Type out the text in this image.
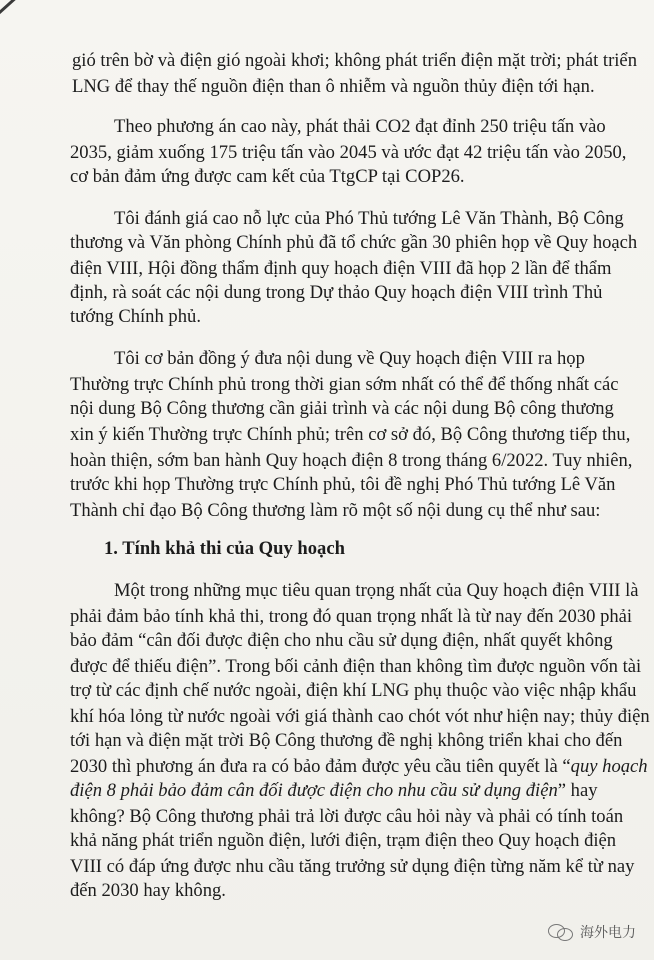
gió trên bờ và điện gió ngoài khơi; không phát triển điện mặt trời; phát triển
LNG để thay thế nguồn điện than ô nhiễm và nguồn thủy điện tới hạn.
Theo phương án cao này, phát thải CO2 đạt đỉnh 250 triệu tấn vào
2035, giảm xuống 175 triệu tấn vào 2045 và ước đạt 42 triệu tấn vào 2050,
cơ bản đảm ứng được cam kết của TtgCP tại COP26.
Tôi đánh giá cao nỗ lực của Phó Thủ tướng Lê Văn Thành, Bộ Công
thương và Văn phòng Chính phủ đã tổ chức gần 30 phiên họp về Quy hoạch
điện VIII, Hội đồng thẩm định quy hoạch điện VIII đã họp 2 lần để thẩm
định, rà soát các nội dung trong Dự thảo Quy hoạch điện VIII trình Thủ
tướng Chính phủ.
Tôi cơ bản đồng ý đưa nội dung về Quy hoạch điện VIII ra họp
Thường trực Chính phủ trong thời gian sớm nhất có thể để thống nhất các
nội dung Bộ Công thương cần giải trình và các nội dung Bộ công thương
xin ý kiến Thường trực Chính phủ; trên cơ sở đó, Bộ Công thương tiếp thu,
hoàn thiện, sớm ban hành Quy hoạch điện 8 trong tháng 6/2022. Tuy nhiên,
trước khi họp Thường trực Chính phủ, tôi đề nghị Phó Thủ tướng Lê Văn
Thành chỉ đạo Bộ Công thương làm rõ một số nội dung cụ thể như sau:
1. Tính khả thi của Quy hoạch
Một trong những mục tiêu quan trọng nhất của Quy hoạch điện VIII là
phải đảm bảo tính khả thi, trong đó quan trọng nhất là từ nay đến 2030 phải
bảo đảm “cân đối được điện cho nhu cầu sử dụng điện, nhất quyết không
được để thiếu điện”. Trong bối cảnh điện than không tìm được nguồn vốn tài
trợ từ các định chế nước ngoài, điện khí LNG phụ thuộc vào việc nhập khẩu
khí hóa lỏng từ nước ngoài với giá thành cao chót vót như hiện nay; thủy điện
tới hạn và điện mặt trời Bộ Công thương đề nghị không triển khai cho đến
2030 thì phương án đưa ra có bảo đảm được yêu cầu tiên quyết là “quy hoạch
điện 8 phải bảo đảm cân đối được điện cho nhu cầu sử dụng điện” hay
không? Bộ Công thương phải trả lời được câu hỏi này và phải có tính toán
khả năng phát triển nguồn điện, lưới điện, trạm điện theo Quy hoạch điện
VIII có đáp ứng được nhu cầu tăng trưởng sử dụng điện từng năm kể từ nay
đến 2030 hay không.
海外电力
